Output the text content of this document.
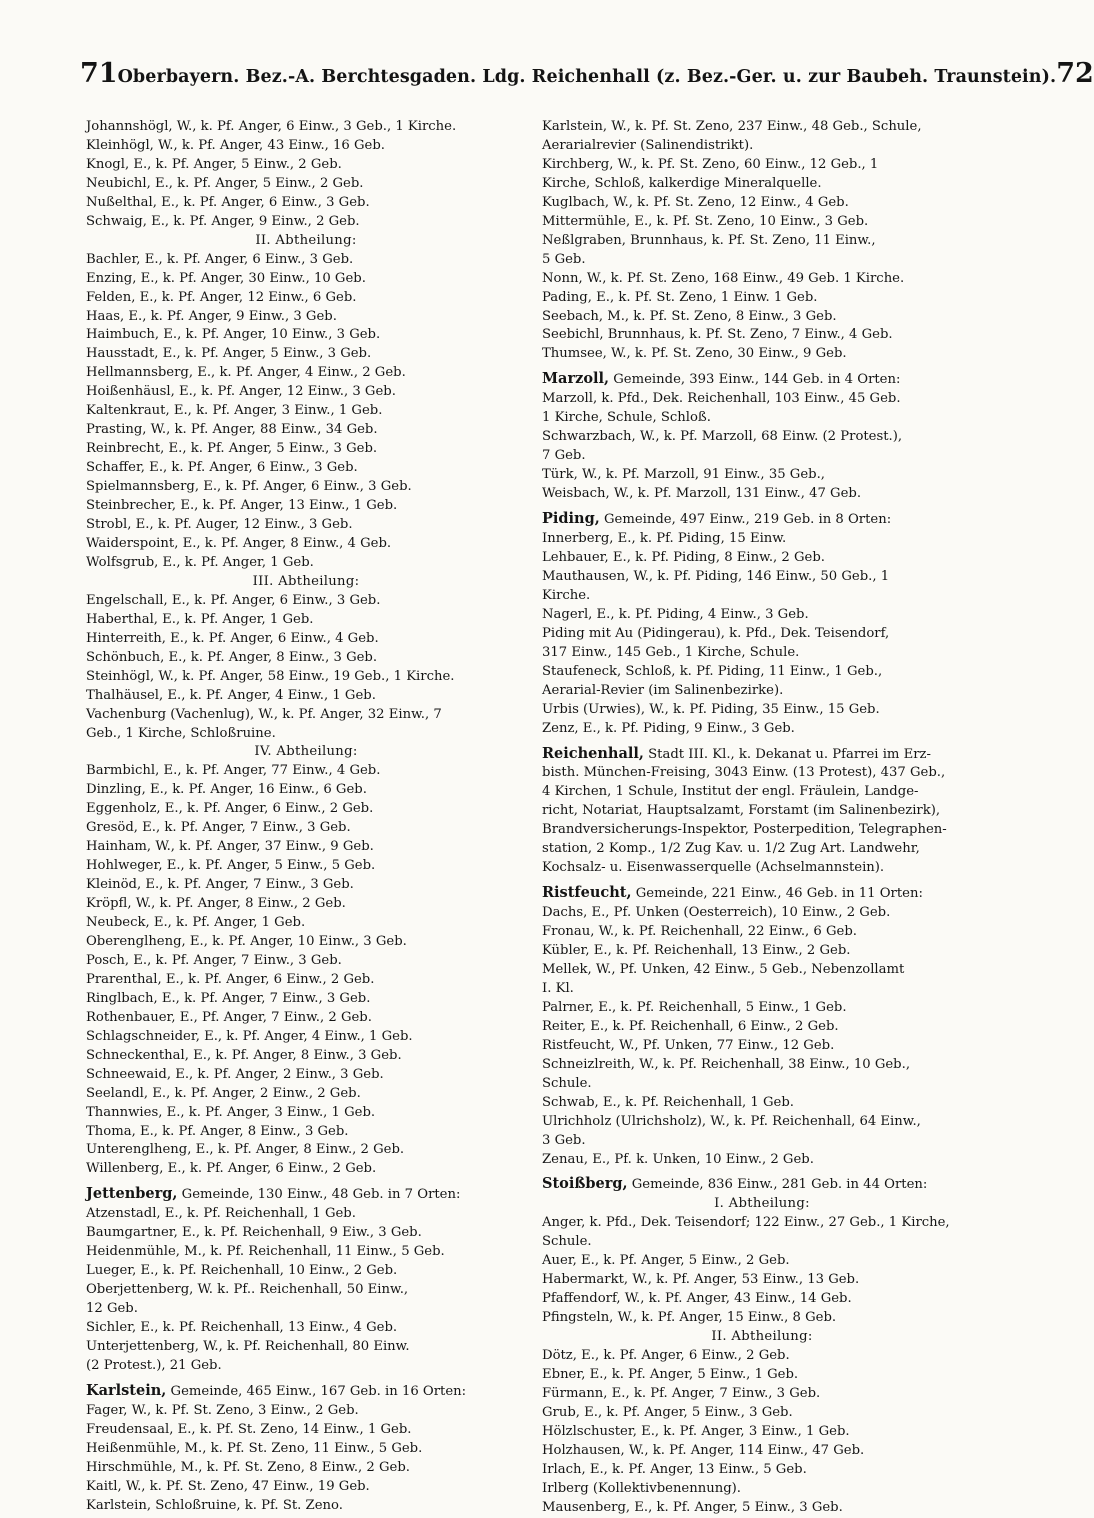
71 Oberbayern. Bez.-A. Berchtesgaden. Ldg. Reichenhall (z. Bez.-Ger. u. zur Baubeh. Traunstein). 72
Johannshögl, W., k. Pf. Anger, 6 Einw., 3 Geb., 1 Kirche.
Kleinhögl, W., k. Pf. Anger, 43 Einw., 16 Geb.
Knogl, E., k. Pf. Anger, 5 Einw., 2 Geb.
Neubichl, E., k. Pf. Anger, 5 Einw., 2 Geb.
Nußelthal, E., k. Pf. Anger, 6 Einw., 3 Geb.
Schwaig, E., k. Pf. Anger, 9 Einw., 2 Geb.
II. Abtheilung:
Bachler, E., k. Pf. Anger, 6 Einw., 3 Geb.
Enzing, E., k. Pf. Anger, 30 Einw., 10 Geb.
Felden, E., k. Pf. Anger, 12 Einw., 6 Geb.
Haas, E., k. Pf. Anger, 9 Einw., 3 Geb.
Haimbuch, E., k. Pf. Anger, 10 Einw., 3 Geb.
Hausstadt, E., k. Pf. Anger, 5 Einw., 3 Geb.
Hellmannsberg, E., k. Pf. Anger, 4 Einw., 2 Geb.
Hoißenhäusl, E., k. Pf. Anger, 12 Einw., 3 Geb.
Kaltenkraut, E., k. Pf. Anger, 3 Einw., 1 Geb.
Prasting, W., k. Pf. Anger, 88 Einw., 34 Geb.
Reinbrecht, E., k. Pf. Anger, 5 Einw., 3 Geb.
Schaffer, E., k. Pf. Anger, 6 Einw., 3 Geb.
Spielmannsberg, E., k. Pf. Anger, 6 Einw., 3 Geb.
Steinbrecher, E., k. Pf. Anger, 13 Einw., 1 Geb.
Strobl, E., k. Pf. Auger, 12 Einw., 3 Geb.
Waiderspoint, E., k. Pf. Anger, 8 Einw., 4 Geb.
Wolfsgrub, E., k. Pf. Anger, 1 Geb.
III. Abtheilung:
Engelschall, E., k. Pf. Anger, 6 Einw., 3 Geb.
Haberthal, E., k. Pf. Anger, 1 Geb.
Hinterreith, E., k. Pf. Anger, 6 Einw., 4 Geb.
Schönbuch, E., k. Pf. Anger, 8 Einw., 3 Geb.
Steinhögl, W., k. Pf. Anger, 58 Einw., 19 Geb., 1 Kirche.
Thalhäusel, E., k. Pf. Anger, 4 Einw., 1 Geb.
Vachenburg (Vachenlug), W., k. Pf. Anger, 32 Einw., 7
Geb., 1 Kirche, Schloßruine.
IV. Abtheilung:
Barmbichl, E., k. Pf. Anger, 77 Einw., 4 Geb.
Dinzling, E., k. Pf. Anger, 16 Einw., 6 Geb.
Eggenholz, E., k. Pf. Anger, 6 Einw., 2 Geb.
Gresöd, E., k. Pf. Anger, 7 Einw., 3 Geb.
Hainham, W., k. Pf. Anger, 37 Einw., 9 Geb.
Hohlweger, E., k. Pf. Anger, 5 Einw., 5 Geb.
Kleinöd, E., k. Pf. Anger, 7 Einw., 3 Geb.
Kröpfl, W., k. Pf. Anger, 8 Einw., 2 Geb.
Neubeck, E., k. Pf. Anger, 1 Geb.
Oberenglheng, E., k. Pf. Anger, 10 Einw., 3 Geb.
Posch, E., k. Pf. Anger, 7 Einw., 3 Geb.
Prarenthal, E., k. Pf. Anger, 6 Einw., 2 Geb.
Ringlbach, E., k. Pf. Anger, 7 Einw., 3 Geb.
Rothenbauer, E., Pf. Anger, 7 Einw., 2 Geb.
Schlagschneider, E., k. Pf. Anger, 4 Einw., 1 Geb.
Schneckenthal, E., k. Pf. Anger, 8 Einw., 3 Geb.
Schneewaid, E., k. Pf. Anger, 2 Einw., 3 Geb.
Seelandl, E., k. Pf. Anger, 2 Einw., 2 Geb.
Thannwies, E., k. Pf. Anger, 3 Einw., 1 Geb.
Thoma, E., k. Pf. Anger, 8 Einw., 3 Geb.
Unterenglheng, E., k. Pf. Anger, 8 Einw., 2 Geb.
Willenberg, E., k. Pf. Anger, 6 Einw., 2 Geb.
Jettenberg, Gemeinde, 130 Einw., 48 Geb. in 7 Orten:
Atzenstadl, E., k. Pf. Reichenhall, 1 Geb.
Baumgartner, E., k. Pf. Reichenhall, 9 Eiw., 3 Geb.
Heidenmühle, M., k. Pf. Reichenhall, 11 Einw., 5 Geb.
Lueger, E., k. Pf. Reichenhall, 10 Einw., 2 Geb.
Oberjettenberg, W. k. Pf.. Reichenhall, 50 Einw.,
12 Geb.
Sichler, E., k. Pf. Reichenhall, 13 Einw., 4 Geb.
Unterjettenberg, W., k. Pf. Reichenhall, 80 Einw.
(2 Protest.), 21 Geb.
Karlstein, Gemeinde, 465 Einw., 167 Geb. in 16 Orten:
Fager, W., k. Pf. St. Zeno, 3 Einw., 2 Geb.
Freudensaal, E., k. Pf. St. Zeno, 14 Einw., 1 Geb.
Heißenmühle, M., k. Pf. St. Zeno, 11 Einw., 5 Geb.
Hirschmühle, M., k. Pf. St. Zeno, 8 Einw., 2 Geb.
Kaitl, W., k. Pf. St. Zeno, 47 Einw., 19 Geb.
Karlstein, Schloßruine, k. Pf. St. Zeno.
Karlstein, W., k. Pf. St. Zeno, 237 Einw., 48 Geb., Schule,
Aerarialrevier (Salinendistrikt).
Kirchberg, W., k. Pf. St. Zeno, 60 Einw., 12 Geb., 1
Kirche, Schloß, kalkerdige Mineralquelle.
Kuglbach, W., k. Pf. St. Zeno, 12 Einw., 4 Geb.
Mittermühle, E., k. Pf. St. Zeno, 10 Einw., 3 Geb.
Neßlgraben, Brunnhaus, k. Pf. St. Zeno, 11 Einw.,
5 Geb.
Nonn, W., k. Pf. St. Zeno, 168 Einw., 49 Geb. 1 Kirche.
Pading, E., k. Pf. St. Zeno, 1 Einw. 1 Geb.
Seebach, M., k. Pf. St. Zeno, 8 Einw., 3 Geb.
Seebichl, Brunnhaus, k. Pf. St. Zeno, 7 Einw., 4 Geb.
Thumsee, W., k. Pf. St. Zeno, 30 Einw., 9 Geb.
Marzoll, Gemeinde, 393 Einw., 144 Geb. in 4 Orten:
Marzoll, k. Pfd., Dek. Reichenhall, 103 Einw., 45 Geb.
1 Kirche, Schule, Schloß.
Schwarzbach, W., k. Pf. Marzoll, 68 Einw. (2 Protest.),
7 Geb.
Türk, W., k. Pf. Marzoll, 91 Einw., 35 Geb.,
Weisbach, W., k. Pf. Marzoll, 131 Einw., 47 Geb.
Piding, Gemeinde, 497 Einw., 219 Geb. in 8 Orten:
Innerberg, E., k. Pf. Piding, 15 Einw.
Lehbauer, E., k. Pf. Piding, 8 Einw., 2 Geb.
Mauthausen, W., k. Pf. Piding, 146 Einw., 50 Geb., 1
Kirche.
Nagerl, E., k. Pf. Piding, 4 Einw., 3 Geb.
Piding mit Au (Pidingerau), k. Pfd., Dek. Teisendorf,
317 Einw., 145 Geb., 1 Kirche, Schule.
Staufeneck, Schloß, k. Pf. Piding, 11 Einw., 1 Geb.,
Aerarial-Revier (im Salinenbezirke).
Urbis (Urwies), W., k. Pf. Piding, 35 Einw., 15 Geb.
Zenz, E., k. Pf. Piding, 9 Einw., 3 Geb.
Reichenhall, Stadt III. Kl., k. Dekanat u. Pfarrei im Erz-
bisth. München-Freising, 3043 Einw. (13 Protest), 437 Geb.,
4 Kirchen, 1 Schule, Institut der engl. Fräulein, Landge-
richt, Notariat, Hauptsalzamt, Forstamt (im Salinenbezirk),
Brandversicherungs-Inspektor, Posterpedition, Telegraphen-
station, 2 Komp., 1/2 Zug Kav. u. 1/2 Zug Art. Landwehr,
Kochsalz- u. Eisenwasserquelle (Achselmannstein).
Ristfeucht, Gemeinde, 221 Einw., 46 Geb. in 11 Orten:
Dachs, E., Pf. Unken (Oesterreich), 10 Einw., 2 Geb.
Fronau, W., k. Pf. Reichenhall, 22 Einw., 6 Geb.
Kübler, E., k. Pf. Reichenhall, 13 Einw., 2 Geb.
Mellek, W., Pf. Unken, 42 Einw., 5 Geb., Nebenzollamt
I. Kl.
Palrner, E., k. Pf. Reichenhall, 5 Einw., 1 Geb.
Reiter, E., k. Pf. Reichenhall, 6 Einw., 2 Geb.
Ristfeucht, W., Pf. Unken, 77 Einw., 12 Geb.
Schneizlreith, W., k. Pf. Reichenhall, 38 Einw., 10 Geb.,
Schule.
Schwab, E., k. Pf. Reichenhall, 1 Geb.
Ulrichholz (Ulrichsholz), W., k. Pf. Reichenhall, 64 Einw.,
3 Geb.
Zenau, E., Pf. k. Unken, 10 Einw., 2 Geb.
Stoißberg, Gemeinde, 836 Einw., 281 Geb. in 44 Orten:
I. Abtheilung:
Anger, k. Pfd., Dek. Teisendorf; 122 Einw., 27 Geb., 1 Kirche,
Schule.
Auer, E., k. Pf. Anger, 5 Einw., 2 Geb.
Habermarkt, W., k. Pf. Anger, 53 Einw., 13 Geb.
Pfaffendorf, W., k. Pf. Anger, 43 Einw., 14 Geb.
Pfingsteln, W., k. Pf. Anger, 15 Einw., 8 Geb.
II. Abtheilung:
Dötz, E., k. Pf. Anger, 6 Einw., 2 Geb.
Ebner, E., k. Pf. Anger, 5 Einw., 1 Geb.
Fürmann, E., k. Pf. Anger, 7 Einw., 3 Geb.
Grub, E., k. Pf. Anger, 5 Einw., 3 Geb.
Hölzlschuster, E., k. Pf. Anger, 3 Einw., 1 Geb.
Holzhausen, W., k. Pf. Anger, 114 Einw., 47 Geb.
Irlach, E., k. Pf. Anger, 13 Einw., 5 Geb.
Irlberg (Kollektivbenennung).
Mausenberg, E., k. Pf. Anger, 5 Einw., 3 Geb.
